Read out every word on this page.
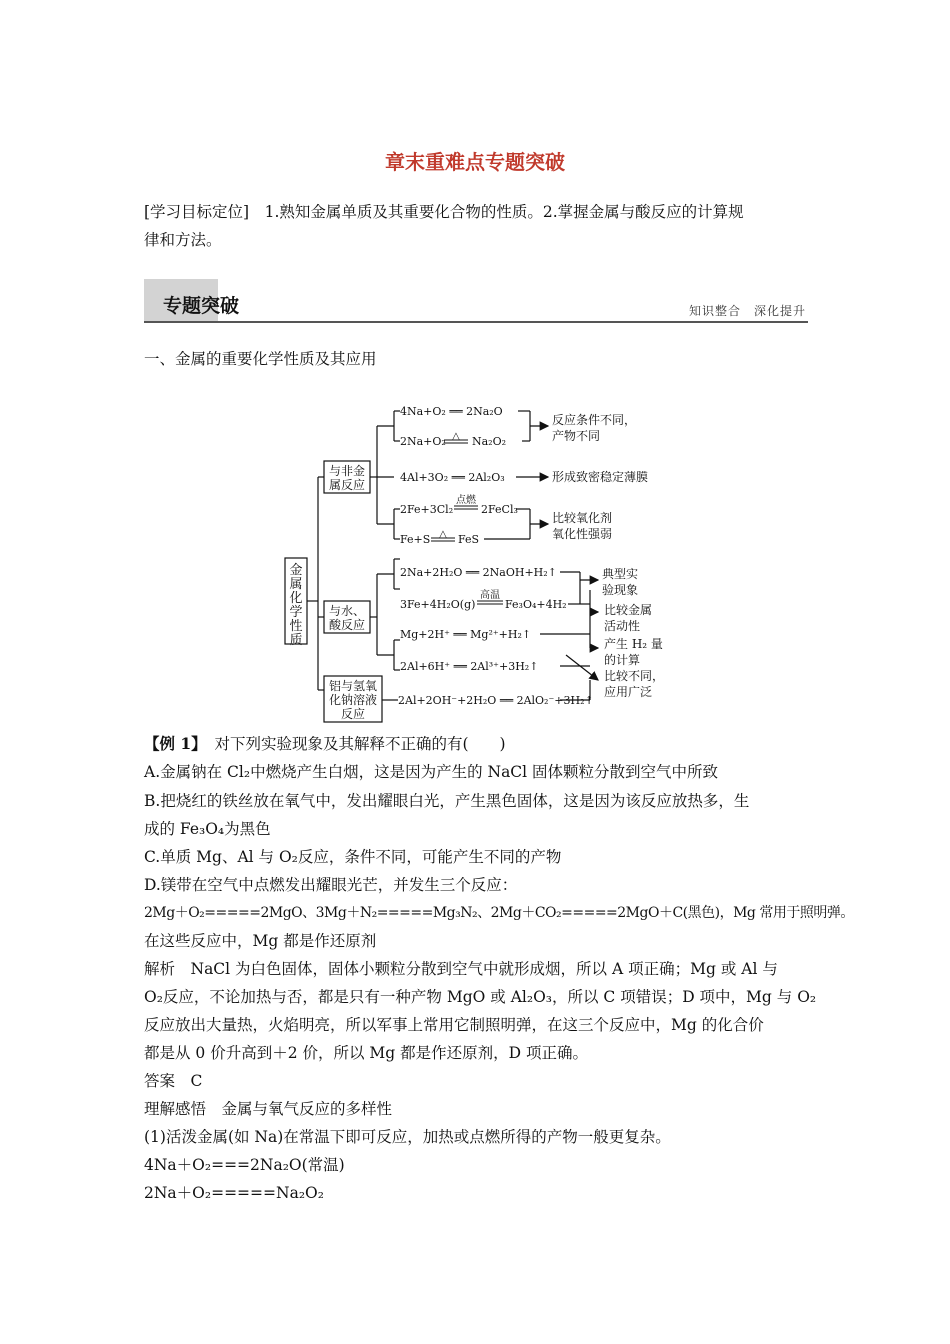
章末重难点专题突破
[学习目标定位]　1.熟知金属单质及其重要化合物的性质。2.掌握金属与酸反应的计算规
律和方法。
专题突破	知识整合　深化提升
一、金属的重要化学性质及其应用
金
属
化
学
性
质
与非金
属反应
与水、
酸反应
铝与氢氧
化钠溶液
反应
4Na+O₂ ══ 2Na₂O
2Na+O₂ △ Na₂O₂
4Al+3O₂ ══ 2Al₂O₃
2Fe+3Cl₂
点燃
2FeCl₃
Fe+S △ FeS
2Na+2H₂O ══ 2NaOH+H₂↑
3Fe+4H₂O(g)
高温
Fe₃O₄+4H₂
Mg+2H⁺ ══ Mg²⁺+H₂↑
2Al+6H⁺ ══ 2Al³⁺+3H₂↑
2Al+2OH⁻+2H₂O ══ 2AlO₂⁻+3H₂↑
反应条件不同，
产物不同
形成致密稳定薄膜
比较氧化剂
氧化性强弱
典型实
验现象
比较金属
活动性
产生 H₂ 量
的计算
比较不同，
应用广泛
【例 1】　对下列实验现象及其解释不正确的有(　　)
A.金属钠在 Cl₂中燃烧产生白烟，这是因为产生的 NaCl 固体颗粒分散到空气中所致
B.把烧红的铁丝放在氧气中，发出耀眼白光，产生黑色固体，这是因为该反应放热多，生
成的 Fe₃O₄为黑色
C.单质 Mg、Al 与 O₂反应，条件不同，可能产生不同的产物
D.镁带在空气中点燃发出耀眼光芒，并发生三个反应：
2Mg＋O₂=====2MgO、3Mg＋N₂=====Mg₃N₂、2Mg＋CO₂=====2MgO＋C(黑色)，Mg 常用于照明弹。
在这些反应中，Mg 都是作还原剂
解析　NaCl 为白色固体，固体小颗粒分散到空气中就形成烟，所以 A 项正确；Mg 或 Al 与
O₂反应，不论加热与否，都是只有一种产物 MgO 或 Al₂O₃，所以 C 项错误；D 项中，Mg 与 O₂
反应放出大量热，火焰明亮，所以军事上常用它制照明弹，在这三个反应中，Mg 的化合价
都是从 0 价升高到＋2 价，所以 Mg 都是作还原剂，D 项正确。
答案　C
理解感悟　金属与氧气反应的多样性
(1)活泼金属(如 Na)在常温下即可反应，加热或点燃所得的产物一般更复杂。
4Na＋O₂===2Na₂O(常温)
2Na＋O₂=====Na₂O₂
